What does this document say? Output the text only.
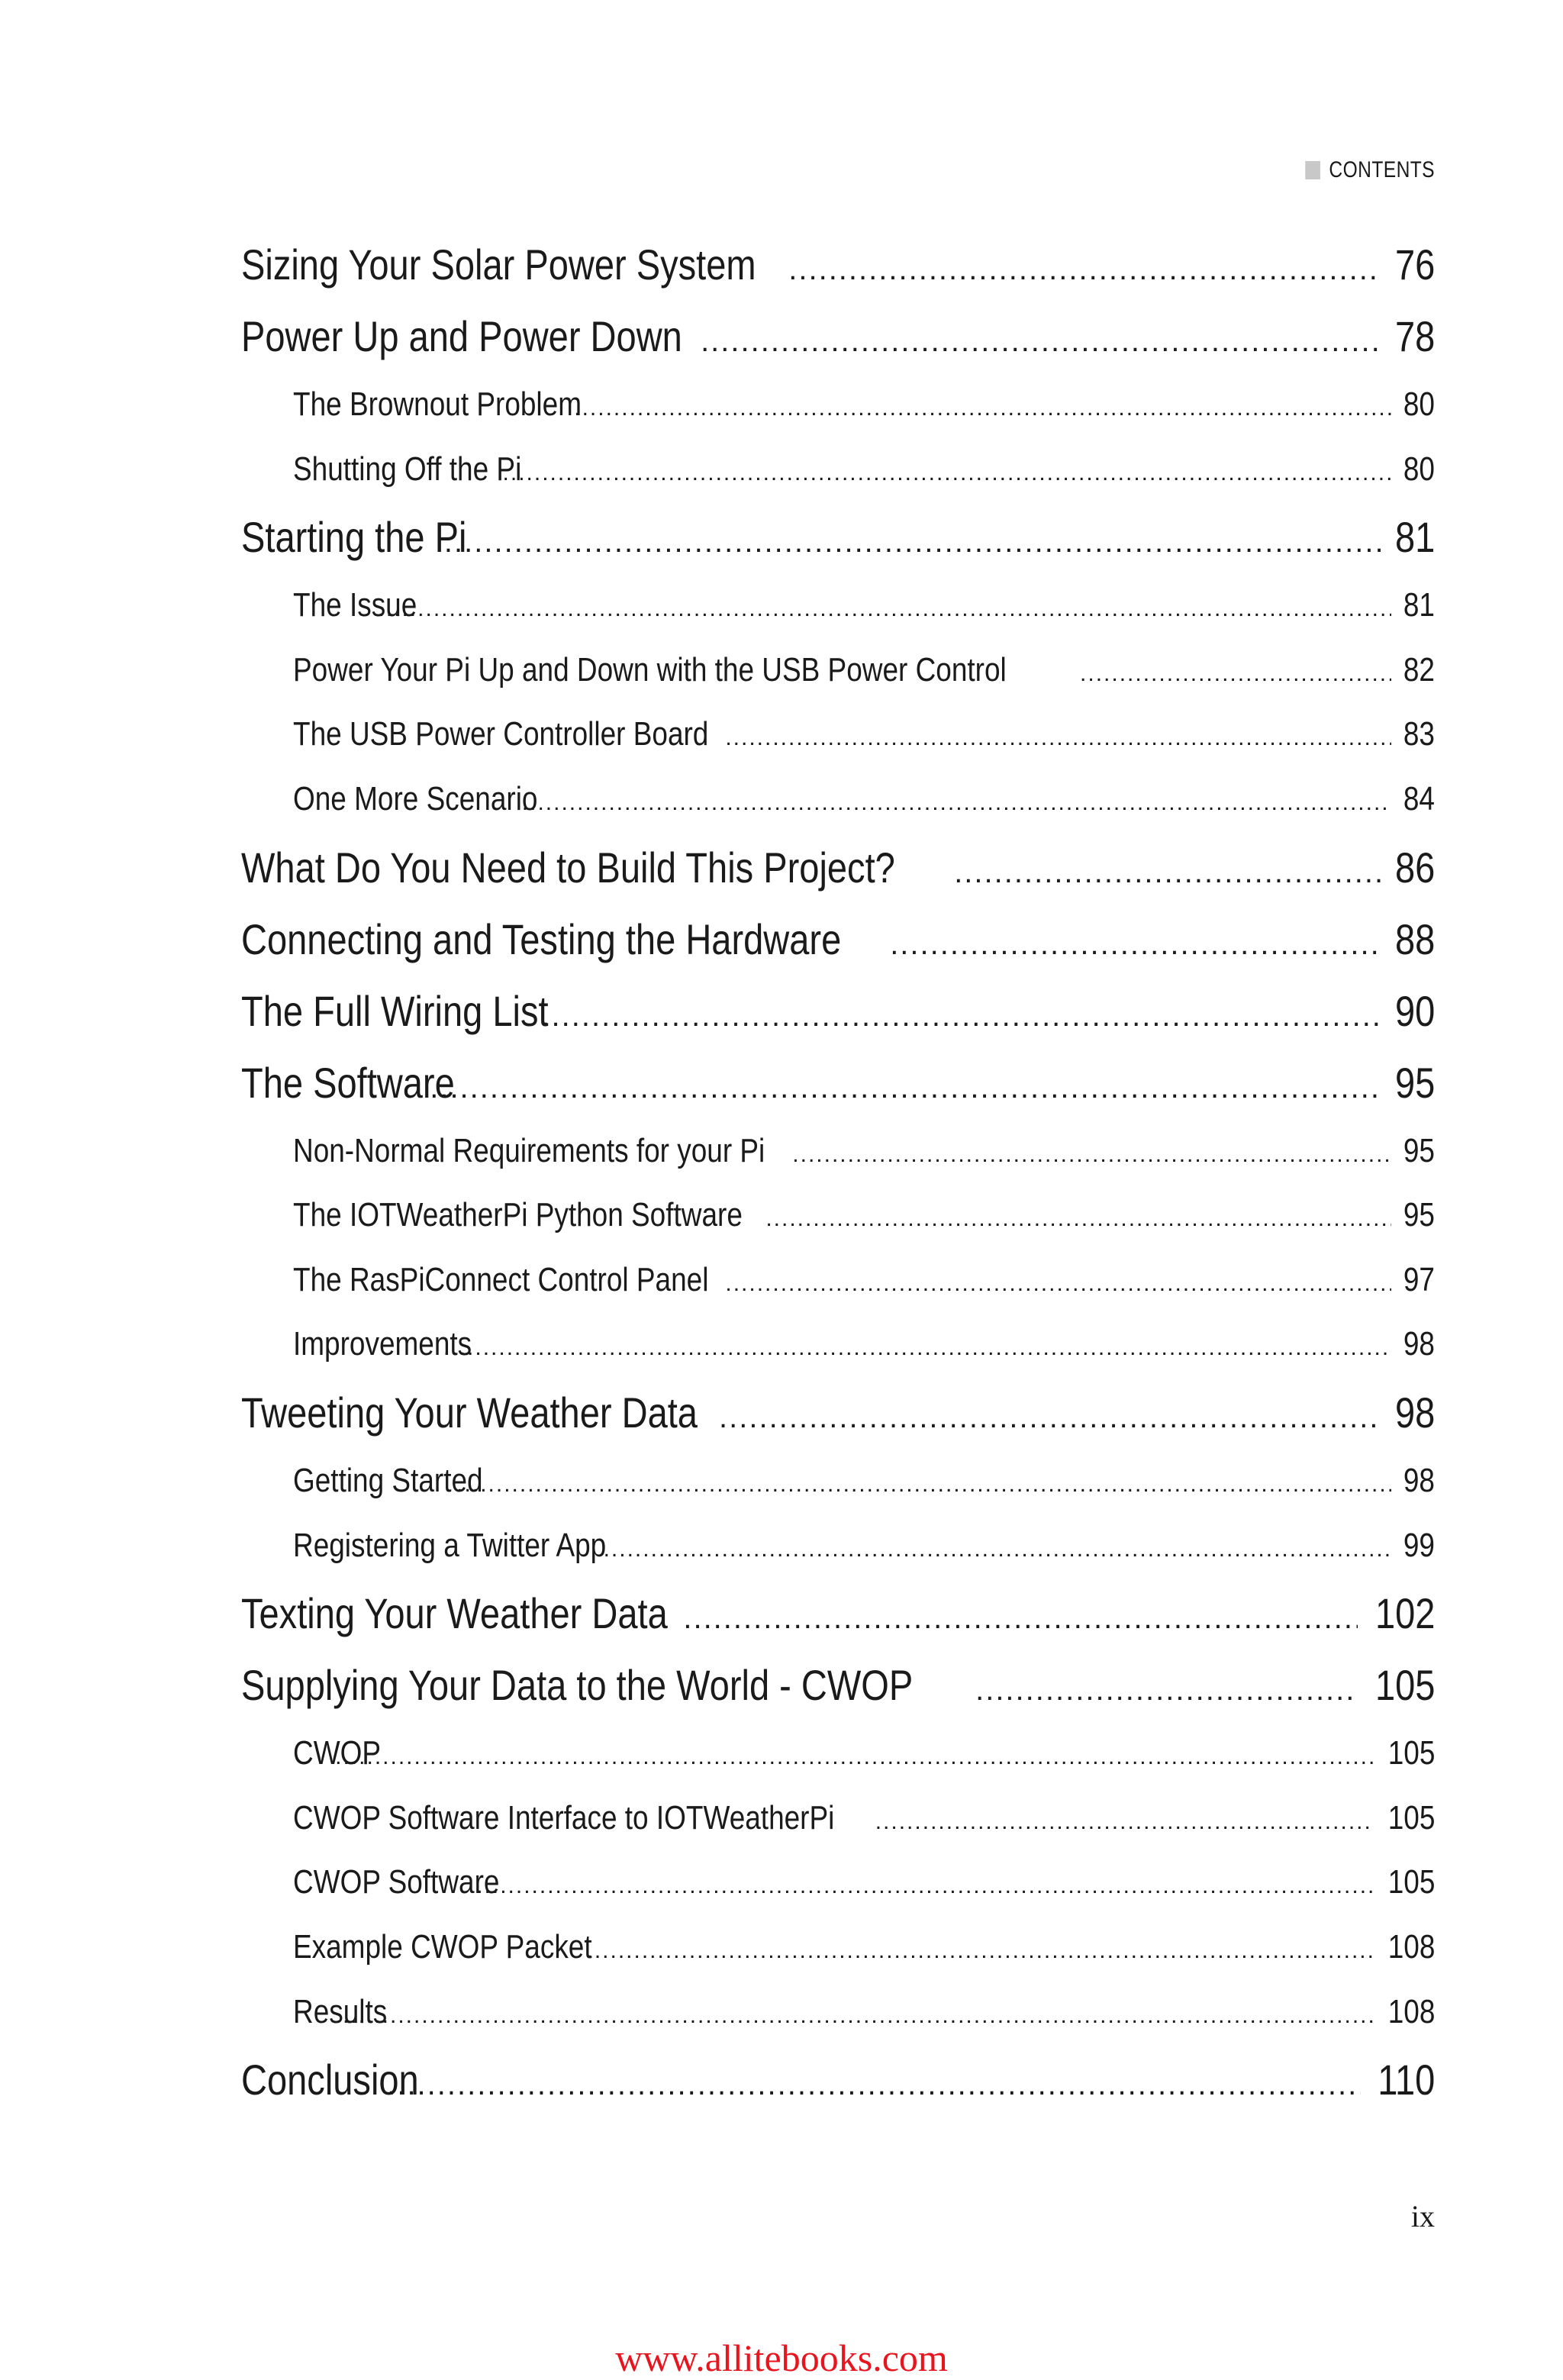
CONTENTS
Sizing Your Solar Power System .....	76
Power Up and Power Down .....	78
The Brownout Problem .....	80
Shutting Off the Pi .....	80
Starting the Pi .....	81
The Issue .....	81
Power Your Pi Up and Down with the USB Power Control .....	82
The USB Power Controller Board .....	83
One More Scenario .....	84
What Do You Need to Build This Project? .....	86
Connecting and Testing the Hardware .....	88
The Full Wiring List .....	90
The Software .....	95
Non-Normal Requirements for your Pi .....	95
The IOTWeatherPi Python Software .....	95
The RasPiConnect Control Panel .....	97
Improvements .....	98
Tweeting Your Weather Data .....	98
Getting Started .....	98
Registering a Twitter App .....	99
Texting Your Weather Data .....	102
Supplying Your Data to the World - CWOP .....	105
CWOP .....	105
CWOP Software Interface to IOTWeatherPi .....	105
CWOP Software .....	105
Example CWOP Packet .....	108
Results .....	108
Conclusion .....	110
ix
www.allitebooks.com
